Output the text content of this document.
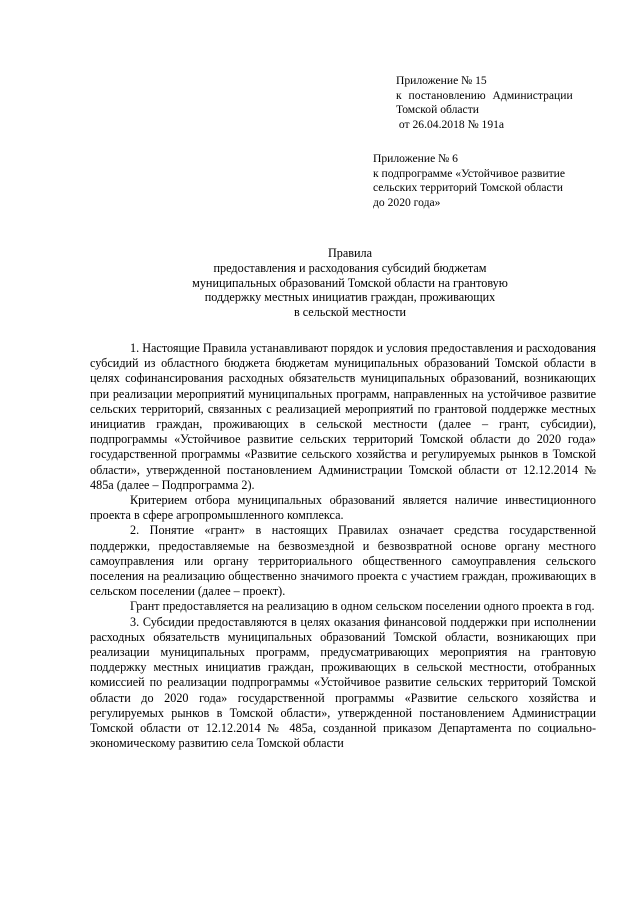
Приложение № 15
к постановлению Администрации
Томской области
от 26.04.2018 № 191а
Приложение № 6
к подпрограмме «Устойчивое развитие
сельских территорий Томской области
до 2020 года»
Правила
предоставления и расходования субсидий бюджетам
муниципальных образований Томской области на грантовую
поддержку местных инициатив граждан, проживающих
в сельской местности

1. Настоящие Правила устанавливают порядок и условия предоставления и расходования субсидий из областного бюджета бюджетам муниципальных образований Томской области в целях софинансирования расходных обязательств муниципальных образований, возникающих при реализации мероприятий муниципальных программ, направленных на устойчивое развитие сельских территорий, связанных с реализацией мероприятий по грантовой поддержке местных инициатив граждан, проживающих в сельской местности (далее – грант, субсидии), подпрограммы «Устойчивое развитие сельских территорий Томской области до 2020 года» государственной программы «Развитие сельского хозяйства и регулируемых рынков в Томской области», утвержденной постановлением Администрации Томской области от 12.12.2014 № 485а (далее – Подпрограмма 2).

Критерием отбора муниципальных образований является наличие инвестиционного проекта в сфере агропромышленного комплекса.

2. Понятие «грант» в настоящих Правилах означает средства государственной поддержки, предоставляемые на безвозмездной и безвозвратной основе органу местного самоуправления или органу территориального общественного самоуправления сельского поселения на реализацию общественно значимого проекта с участием граждан, проживающих в сельском поселении (далее – проект).

Грант предоставляется на реализацию в одном сельском поселении одного проекта в год.

3. Субсидии предоставляются в целях оказания финансовой поддержки при исполнении расходных обязательств муниципальных образований Томской области, возникающих при реализации муниципальных программ, предусматривающих мероприятия на грантовую поддержку местных инициатив граждан, проживающих в сельской местности, отобранных комиссией по реализации подпрограммы «Устойчивое развитие сельских территорий Томской области до 2020 года» государственной программы «Развитие сельского хозяйства и регулируемых рынков в Томской области», утвержденной постановлением Администрации Томской области от 12.12.2014 № 485а, созданной приказом Департамента по социально-экономическому развитию села Томской области
